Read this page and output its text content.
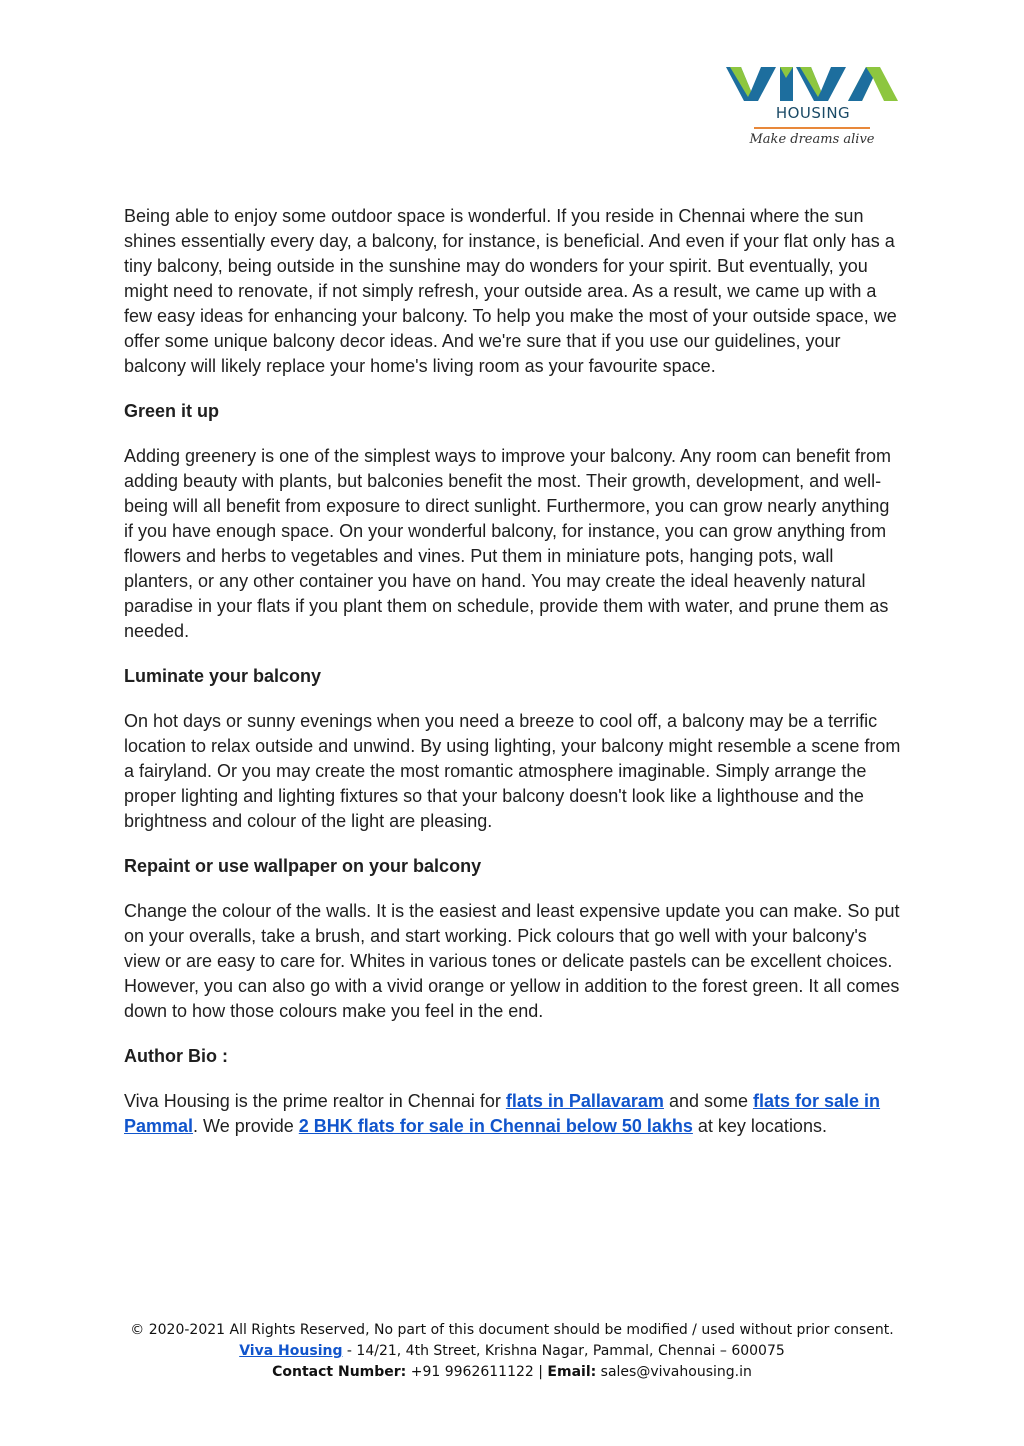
HOUSING
Make dreams alive

Being able to enjoy some outdoor space is wonderful. If you reside in Chennai where the sun shines essentially every day, a balcony, for instance, is beneficial. And even if your flat only has a tiny balcony, being outside in the sunshine may do wonders for your spirit. But eventually, you might need to renovate, if not simply refresh, your outside area. As a result, we came up with a few easy ideas for enhancing your balcony. To help you make the most of your outside space, we offer some unique balcony decor ideas. And we're sure that if you use our guidelines, your balcony will likely replace your home's living room as your favourite space.

Green it up

Adding greenery is one of the simplest ways to improve your balcony. Any room can benefit from adding beauty with plants, but balconies benefit the most. Their growth, development, and well-being will all benefit from exposure to direct sunlight. Furthermore, you can grow nearly anything if you have enough space. On your wonderful balcony, for instance, you can grow anything from flowers and herbs to vegetables and vines. Put them in miniature pots, hanging pots, wall planters, or any other container you have on hand. You may create the ideal heavenly natural paradise in your flats if you plant them on schedule, provide them with water, and prune them as needed.

Luminate your balcony

On hot days or sunny evenings when you need a breeze to cool off, a balcony may be a terrific location to relax outside and unwind. By using lighting, your balcony might resemble a scene from a fairyland. Or you may create the most romantic atmosphere imaginable. Simply arrange the proper lighting and lighting fixtures so that your balcony doesn't look like a lighthouse and the brightness and colour of the light are pleasing.

Repaint or use wallpaper on your balcony

Change the colour of the walls. It is the easiest and least expensive update you can make. So put on your overalls, take a brush, and start working. Pick colours that go well with your balcony's view or are easy to care for. Whites in various tones or delicate pastels can be excellent choices. However, you can also go with a vivid orange or yellow in addition to the forest green. It all comes down to how those colours make you feel in the end.

Author Bio :

Viva Housing is the prime realtor in Chennai for flats in Pallavaram and some flats for sale in Pammal. We provide 2 BHK flats for sale in Chennai below 50 lakhs at key locations.

© 2020-2021 All Rights Reserved, No part of this document should be modified / used without prior consent.
Viva Housing - 14/21, 4th Street, Krishna Nagar, Pammal, Chennai – 600075
Contact Number: +91 9962611122 | Email: sales@vivahousing.in
